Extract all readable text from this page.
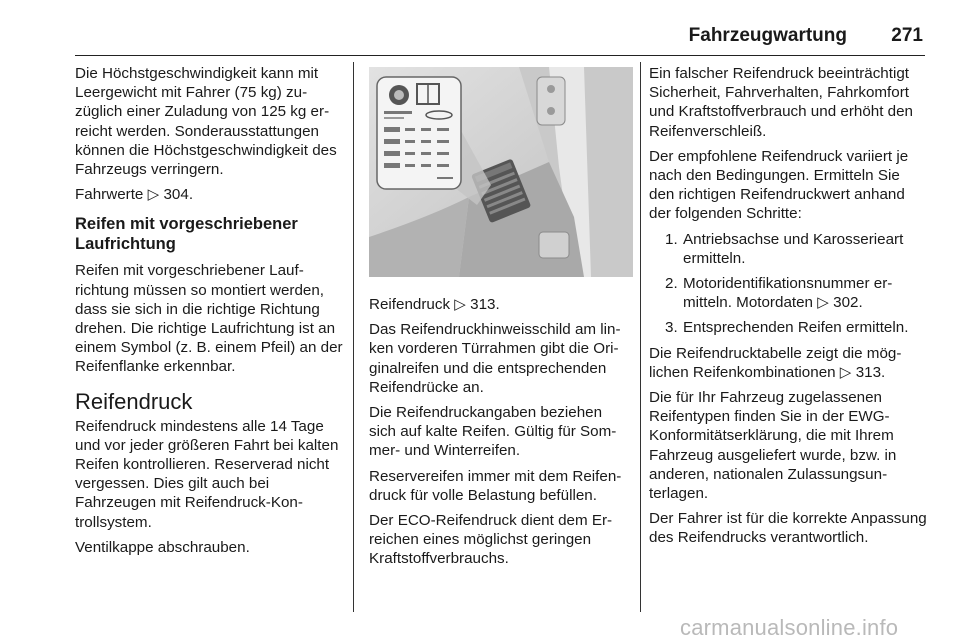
Fahrzeugwartung 271

Die Höchstgeschwindigkeit kann mit Leergewicht mit Fahrer (75 kg) zuzüglich einer Zuladung von 125 kg erreicht werden. Sonderausstattungen können die Höchstgeschwindigkeit des Fahrzeugs verringern.

Fahrwerte ▷ 304.

Reifen mit vorgeschriebener Laufrichtung

Reifen mit vorgeschriebener Laufrichtung müssen so montiert werden, dass sie sich in die richtige Richtung drehen. Die richtige Laufrichtung ist an einem Symbol (z. B. einem Pfeil) an der Reifenflanke erkennbar.

Reifendruck

Reifendruck mindestens alle 14 Tage und vor jeder größeren Fahrt bei kalten Reifen kontrollieren. Reserverad nicht vergessen. Dies gilt auch bei Fahrzeugen mit Reifendruck-Kontrollsystem.

Ventilkappe abschrauben.

Reifendruck ▷ 313.

Das Reifendruckhinweisschild am linken vorderen Türrahmen gibt die Originalreifen und die entsprechenden Reifendrücke an.

Die Reifendruckangaben beziehen sich auf kalte Reifen. Gültig für Sommer- und Winterreifen.

Reservereifen immer mit dem Reifendruck für volle Belastung befüllen.

Der ECO-Reifendruck dient dem Erreichen eines möglichst geringen Kraftstoffverbrauchs.

Ein falscher Reifendruck beeinträchtigt Sicherheit, Fahrverhalten, Fahrkomfort und Kraftstoffverbrauch und erhöht den Reifenverschleiß.

Der empfohlene Reifendruck variiert je nach den Bedingungen. Ermitteln Sie den richtigen Reifendruckwert anhand der folgenden Schritte:

1. Antriebsachse und Karosserieart ermitteln.
2. Motoridentifikationsnummer ermitteln. Motordaten ▷ 302.
3. Entsprechenden Reifen ermitteln.

Die Reifendrucktabelle zeigt die möglichen Reifenkombinationen ▷ 313.

Die für Ihr Fahrzeug zugelassenen Reifentypen finden Sie in der EWG-Konformitätserklärung, die mit Ihrem Fahrzeug ausgeliefert wurde, bzw. in anderen, nationalen Zulassungsunterlagen.

Der Fahrer ist für die korrekte Anpassung des Reifendrucks verantwortlich.

carmanualsonline.info
